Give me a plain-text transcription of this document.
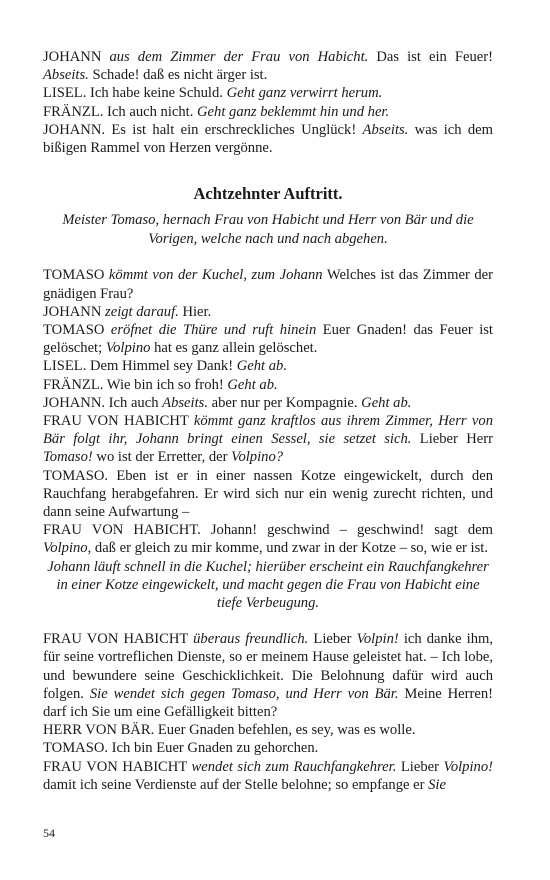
JOHANN aus dem Zimmer der Frau von Habicht. Das ist ein Feuer! Abseits. Schade! daß es nicht ärger ist.

LISEL. Ich habe keine Schuld. Geht ganz verwirrt herum.

FRÄNZL. Ich auch nicht. Geht ganz beklemmt hin und her.

JOHANN. Es ist halt ein erschreckliches Unglück! Abseits. was ich dem bißigen Rammel von Herzen vergönne.

Achtzehnter Auftritt.

Meister Tomaso, hernach Frau von Habicht und Herr von Bär und die Vorigen, welche nach und nach abgehen.

TOMASO kömmt von der Kuchel, zum Johann Welches ist das Zimmer der gnädigen Frau?

JOHANN zeigt darauf. Hier.

TOMASO eröfnet die Thüre und ruft hinein Euer Gnaden! das Feuer ist gelöschet; Volpino hat es ganz allein gelöschet.

LISEL. Dem Himmel sey Dank! Geht ab.

FRÄNZL. Wie bin ich so froh! Geht ab.

JOHANN. Ich auch Abseits. aber nur per Kompagnie. Geht ab.

FRAU VON HABICHT kömmt ganz kraftlos aus ihrem Zimmer, Herr von Bär folgt ihr, Johann bringt einen Sessel, sie setzet sich. Lieber Herr Tomaso! wo ist der Erretter, der Volpino?

TOMASO. Eben ist er in einer nassen Kotze eingewickelt, durch den Rauchfang herabgefahren. Er wird sich nur ein wenig zurecht richten, und dann seine Aufwartung –

FRAU VON HABICHT. Johann! geschwind – geschwind! sagt dem Volpino, daß er gleich zu mir komme, und zwar in der Kotze – so, wie er ist.

Johann läuft schnell in die Kuchel; hierüber erscheint ein Rauchfangkehrer in einer Kotze eingewickelt, und macht gegen die Frau von Habicht eine tiefe Verbeugung.

FRAU VON HABICHT überaus freundlich. Lieber Volpin! ich danke ihm, für seine vortreflichen Dienste, so er meinem Hause geleistet hat. – Ich lobe, und bewundere seine Geschicklichkeit. Die Belohnung dafür wird auch folgen. Sie wendet sich gegen Tomaso, und Herr von Bär. Meine Herren! darf ich Sie um eine Gefälligkeit bitten?

HERR VON BÄR. Euer Gnaden befehlen, es sey, was es wolle.

TOMASO. Ich bin Euer Gnaden zu gehorchen.

FRAU VON HABICHT wendet sich zum Rauchfangkehrer. Lieber Volpino! damit ich seine Verdienste auf der Stelle belohne; so empfange er Sie

54
